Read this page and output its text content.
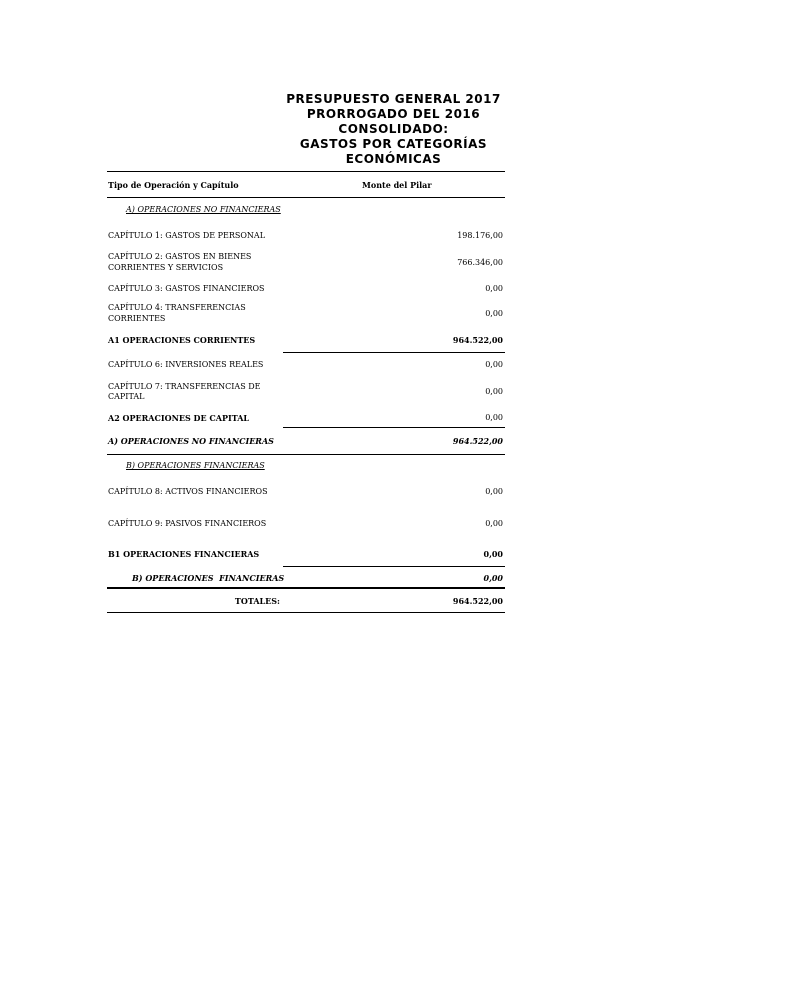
PRESUPUESTO GENERAL 2017
PRORROGADO DEL 2016
CONSOLIDADO:
GASTOS POR CATEGORÍAS
ECONÓMICAS
Tipo de Operación y Capítulo	Monte del Pilar
A) OPERACIONES NO FINANCIERAS
CAPÍTULO 1: GASTOS DE PERSONAL	198.176,00
CAPÍTULO 2: GASTOS EN BIENES
CORRIENTES Y SERVICIOS
766.346,00
CAPÍTULO 3: GASTOS FINANCIEROS	0,00
CAPÍTULO 4: TRANSFERENCIAS
CORRIENTES
0,00
A1 OPERACIONES CORRIENTES	964.522,00
CAPÍTULO 6: INVERSIONES REALES	0,00
CAPÍTULO 7: TRANSFERENCIAS DE
CAPITAL
0,00
A2 OPERACIONES DE CAPITAL	0,00
A) OPERACIONES NO FINANCIERAS	964.522,00
B) OPERACIONES FINANCIERAS
CAPÍTULO 8: ACTIVOS FINANCIEROS	0,00
CAPÍTULO 9: PASIVOS FINANCIEROS	0,00
B1 OPERACIONES FINANCIERAS	0,00
B) OPERACIONES  FINANCIERAS	0,00
TOTALES:	964.522,00
